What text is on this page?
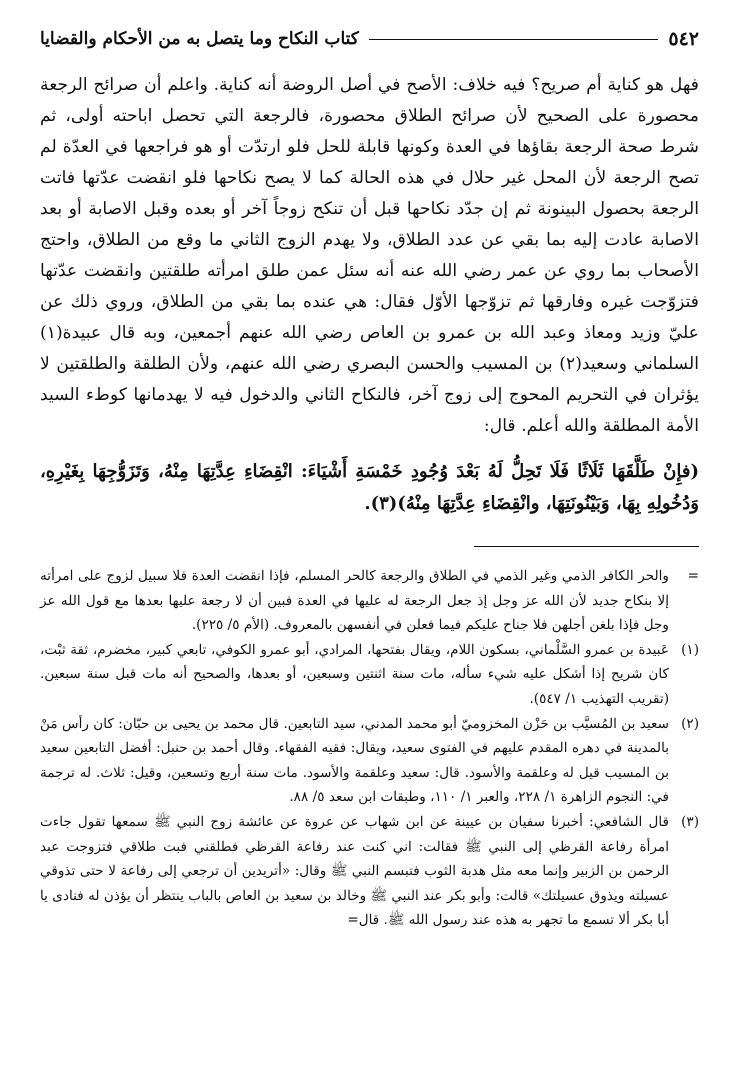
٥٤٢
كتاب النكاح وما يتصل به من الأحكام والقضايا

فهل هو كناية أم صريح؟ فيه خلاف: الأصح في أصل الروضة أنه كناية. واعلم أن صرائح الرجعة محصورة على الصحيح لأن صرائح الطلاق محصورة، فالرجعة التي تحصل اباحته أولى، ثم شرط صحة الرجعة بقاؤها في العدة وكونها قابلة للحل فلو ارتدّت أو هو فراجعها في العدّة لم تصح الرجعة لأن المحل غير حلال في هذه الحالة كما لا يصح نكاحها فلو انقضت عدّتها فاتت الرجعة بحصول البينونة ثم إن جدّد نكاحها قبل أن تنكح زوجاً آخر أو بعده وقبل الاصابة أو بعد الاصابة عادت إليه بما بقي عن عدد الطلاق، ولا يهدم الزوج الثاني ما وقع من الطلاق، واحتج الأصحاب بما روي عن عمر رضي الله عنه أنه سئل عمن طلق امرأته طلقتين وانقضت عدّتها فتزوّجت غيره وفارقها ثم تزوّجها الأوّل فقال: هي عنده بما بقي من الطلاق، وروي ذلك عن عليّ وزيد ومعاذ وعبد الله بن عمرو بن العاص رضي الله عنهم أجمعين، وبه قال عبيدة(١) السلماني وسعيد(٢) بن المسيب والحسن البصري رضي الله عنهم، ولأن الطلقة والطلقتين لا يؤثران في التحريم المحوج إلى زوج آخر، فالنكاح الثاني والدخول فيه لا يهدمانها كوطء السيد الأمة المطلقة والله أعلم. قال:

(فإِنْ طَلَّقَهَا ثَلَاثًا فَلَا تَحِلُّ لَهُ بَعْدَ وُجُودِ خَمْسَةِ أَشْيَاءَ: انْقِضَاءِ عِدَّتِهَا مِنْهُ، وَتَزَوُّجِهَا بِغَيْرِهِ، وَدُخُولِهِ بِهَا، وَبَيْنُونَتِهَا، وانْقِضَاءِ عِدَّتِهَا مِنْهُ)(٣).
=
والحر الكافر الذمي وغير الذمي في الطلاق والرجعة كالحر المسلم، فإذا انقضت العدة فلا سبيل لزوج على امرأته إلا بنكاح جديد لأن الله عز وجل إذ جعل الرجعة له عليها في العدة فبين أن لا رجعة عليها بعدها مع قول الله عز وجل فإذا بلغن أجلهن فلا جناح عليكم فيما فعلن في أنفسهن بالمعروف. (الأم ٥/ ٢٢٥).
(١)
عَبيدة بن عمرو السَّلْماني، بسكون اللام، ويقال بفتحها، المرادي، أبو عمرو الكوفي، تابعي كبير، مخضرم، ثقة ثبْت، كان شريح إذا أشكل عليه شيء سأله، مات سنة اثنتين وسبعين، أو بعدها، والصحيح أنه مات قبل سنة سبعين. (تقريب التهذيب ١/ ٥٤٧).
(٢)
سعيد بن المُسيَّب بن حَزْن المخزوميّ أبو محمد المدني، سيد التابعين. قال محمد بن يحيى بن حبّان: كان رأس مَنْ بالمدينة في دهره المقدم عليهم في الفتوى سعيد، ويقال: فقيه الفقهاء. وقال أحمد بن حنبل: أفضل التابعين سعيد بن المسيب قيل له وعلقمة والأسود. قال: سعيد وعلقمة والأسود. مات سنة أربع وتسعين، وقيل: ثلاث. له ترجمة في: النجوم الزاهرة ١/ ٢٢٨، والعبر ١/ ١١٠، وطبقات ابن سعد ٥/ ٨٨.
(٣)
قال الشافعي: أخبرنا سفيان بن عيينة عن ابن شهاب عن عروة عن عائشة زوج النبي ﷺ سمعها تقول جاءت امرأة رفاعة القرظي إلى النبي ﷺ فقالت: اني كنت عند رفاعة القرظي فطلقني فبت طلاقي فتزوجت عبد الرحمن بن الزبير وإنما معه مثل هدبة الثوب فتبسم النبي ﷺ وقال: «أتريدين أن ترجعي إلى رفاعة لا حتى تذوقي عسيلته ويذوق عسيلتك» قالت: وأبو بكر عند النبي ﷺ وخالد بن سعيد بن العاص بالباب ينتظر أن يؤذن له فنادى يا أبا بكر ألا تسمع ما تجهر به هذه عند رسول الله ﷺ. قال=
